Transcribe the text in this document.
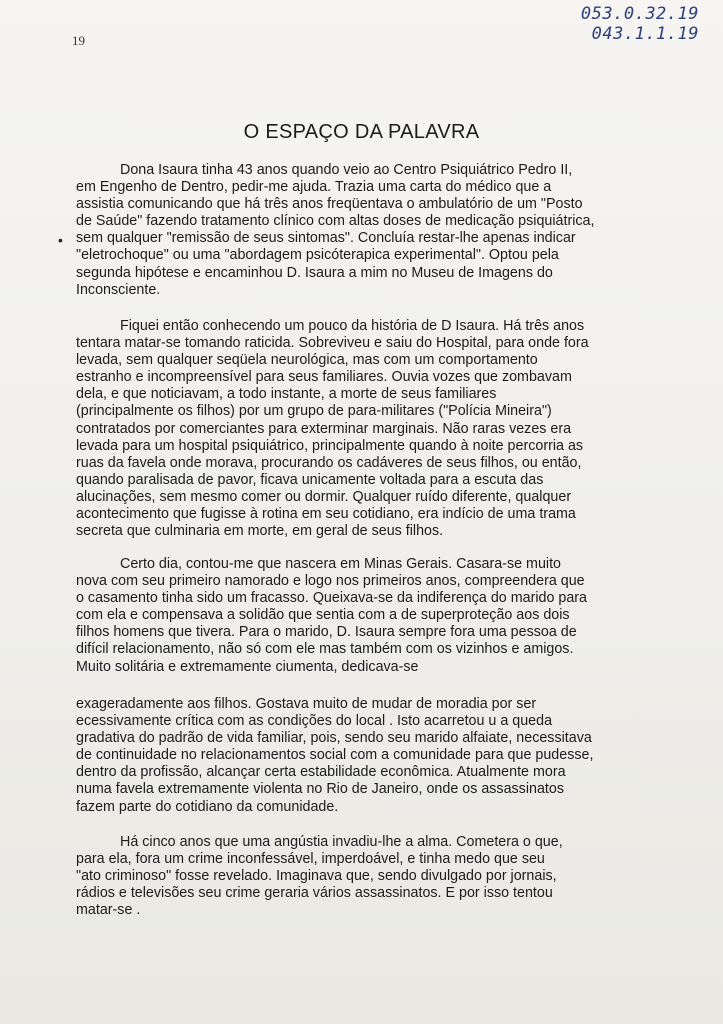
19
053.0.32.19
043.1.1.19
O ESPAÇO DA PALAVRA
•

Dona Isaura tinha 43 anos quando veio ao Centro Psiquiátrico Pedro II,
em Engenho de Dentro, pedir-me ajuda. Trazia uma carta do médico que a
assistia comunicando que há três anos freqüentava o ambulatório de um "Posto
de Saúde" fazendo tratamento clínico com altas doses de medicação psiquiátrica,
sem qualquer "remissão de seus sintomas". Concluía restar-lhe apenas indicar
"eletrochoque" ou uma "abordagem psicóterapica experimental". Optou pela
segunda hipótese e encaminhou D. Isaura a mim no Museu de Imagens do
Inconsciente.

Fiquei então conhecendo um pouco da história de D Isaura. Há três anos
tentara matar-se tomando raticida. Sobreviveu e saiu do Hospital, para onde fora
levada, sem qualquer seqüela neurológica, mas com um comportamento
estranho e incompreensível para seus familiares. Ouvia vozes que zombavam
dela, e que noticiavam, a todo instante, a morte de seus familiares
(principalmente os filhos) por um grupo de para-militares ("Polícia Mineira")
contratados por comerciantes para exterminar marginais. Não raras vezes era
levada para um hospital psiquiátrico, principalmente quando à noite percorria as
ruas da favela onde morava, procurando os cadáveres de seus filhos, ou então,
quando paralisada de pavor, ficava unicamente voltada para a escuta das
alucinações, sem mesmo comer ou dormir. Qualquer ruído diferente, qualquer
acontecimento que fugisse à rotina em seu cotidiano, era indício de uma trama
secreta que culminaria em morte, em geral de seus filhos.

Certo dia, contou-me que nascera em Minas Gerais. Casara-se muito
nova com seu primeiro namorado e logo nos primeiros anos, compreendera que
o casamento tinha sido um fracasso. Queixava-se da indiferença do marido para
com ela e compensava a solidão que sentia com a de superproteção aos dois
filhos homens que tivera. Para o marido, D. Isaura sempre fora uma pessoa de
difícil relacionamento, não só com ele mas também com os vizinhos e amigos.
Muito solitária e extremamente ciumenta, dedicava-se

exageradamente aos filhos. Gostava muito de mudar de moradia por ser
ecessivamente crítica com as condições do local . Isto acarretou u a queda
gradativa do padrão de vida familiar, pois, sendo seu marido alfaiate, necessitava
de continuidade no relacionamentos social com a comunidade para que pudesse,
dentro da profissão, alcançar certa estabilidade econômica. Atualmente mora
numa favela extremamente violenta no Rio de Janeiro, onde os assassinatos
fazem parte do cotidiano da comunidade.

Há cinco anos que uma angústia invadiu-lhe a alma. Cometera o que,
para ela, fora um crime inconfessável, imperdoável, e tinha medo que seu
"ato criminoso" fosse revelado. Imaginava que, sendo divulgado por jornais,
rádios e televisões seu crime geraria vários assassinatos. E por isso tentou
matar-se .
